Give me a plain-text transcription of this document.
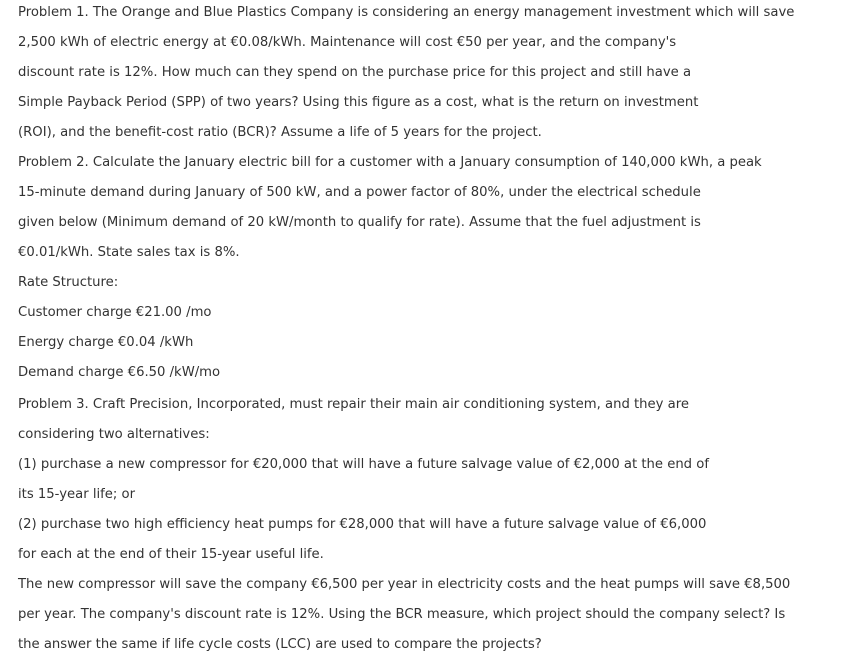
Problem 1. The Orange and Blue Plastics Company is considering an energy management investment which will save
2,500 kWh of electric energy at €0.08/kWh. Maintenance will cost €50 per year, and the company's
discount rate is 12%. How much can they spend on the purchase price for this project and still have a
Simple Payback Period (SPP) of two years? Using this figure as a cost, what is the return on investment
(ROI), and the benefit-cost ratio (BCR)? Assume a life of 5 years for the project.
Problem 2. Calculate the January electric bill for a customer with a January consumption of 140,000 kWh, a peak
15-minute demand during January of 500 kW, and a power factor of 80%, under the electrical schedule
given below (Minimum demand of 20 kW/month to qualify for rate). Assume that the fuel adjustment is
€0.01/kWh. State sales tax is 8%.
Rate Structure:
Customer charge €21.00 /mo
Energy charge €0.04 /kWh
Demand charge €6.50 /kW/mo
Problem 3. Craft Precision, Incorporated, must repair their main air conditioning system, and they are
considering two alternatives:
(1) purchase a new compressor for €20,000 that will have a future salvage value of €2,000 at the end of
its 15-year life; or
(2) purchase two high efficiency heat pumps for €28,000 that will have a future salvage value of €6,000
for each at the end of their 15-year useful life.
The new compressor will save the company €6,500 per year in electricity costs and the heat pumps will save €8,500
per year. The company's discount rate is 12%. Using the BCR measure, which project should the company select? Is
the answer the same if life cycle costs (LCC) are used to compare the projects?
